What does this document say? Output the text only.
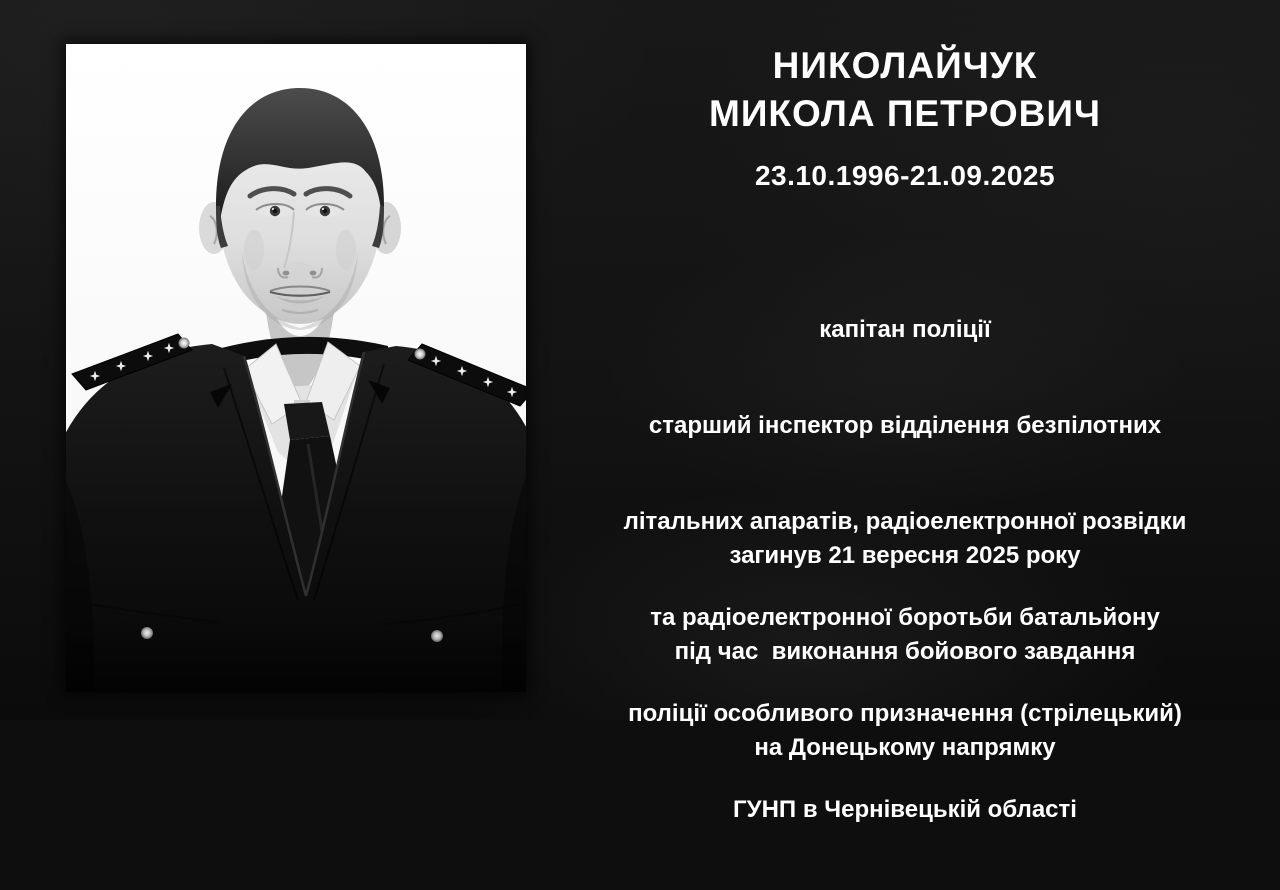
НИКОЛАЙЧУК
МИКОЛА ПЕТРОВИЧ
23.10.1996-21.09.2025

капітан поліції

старший інспектор відділення безпілотних

літальних апаратів, радіоелектронної розвідки

та радіоелектронної боротьби батальйону

поліції особливого призначення (стрілецький)

ГУНП в Чернівецькій області

загинув 21 вересня 2025 року

під час  виконання бойового завдання

на Донецькому напрямку
